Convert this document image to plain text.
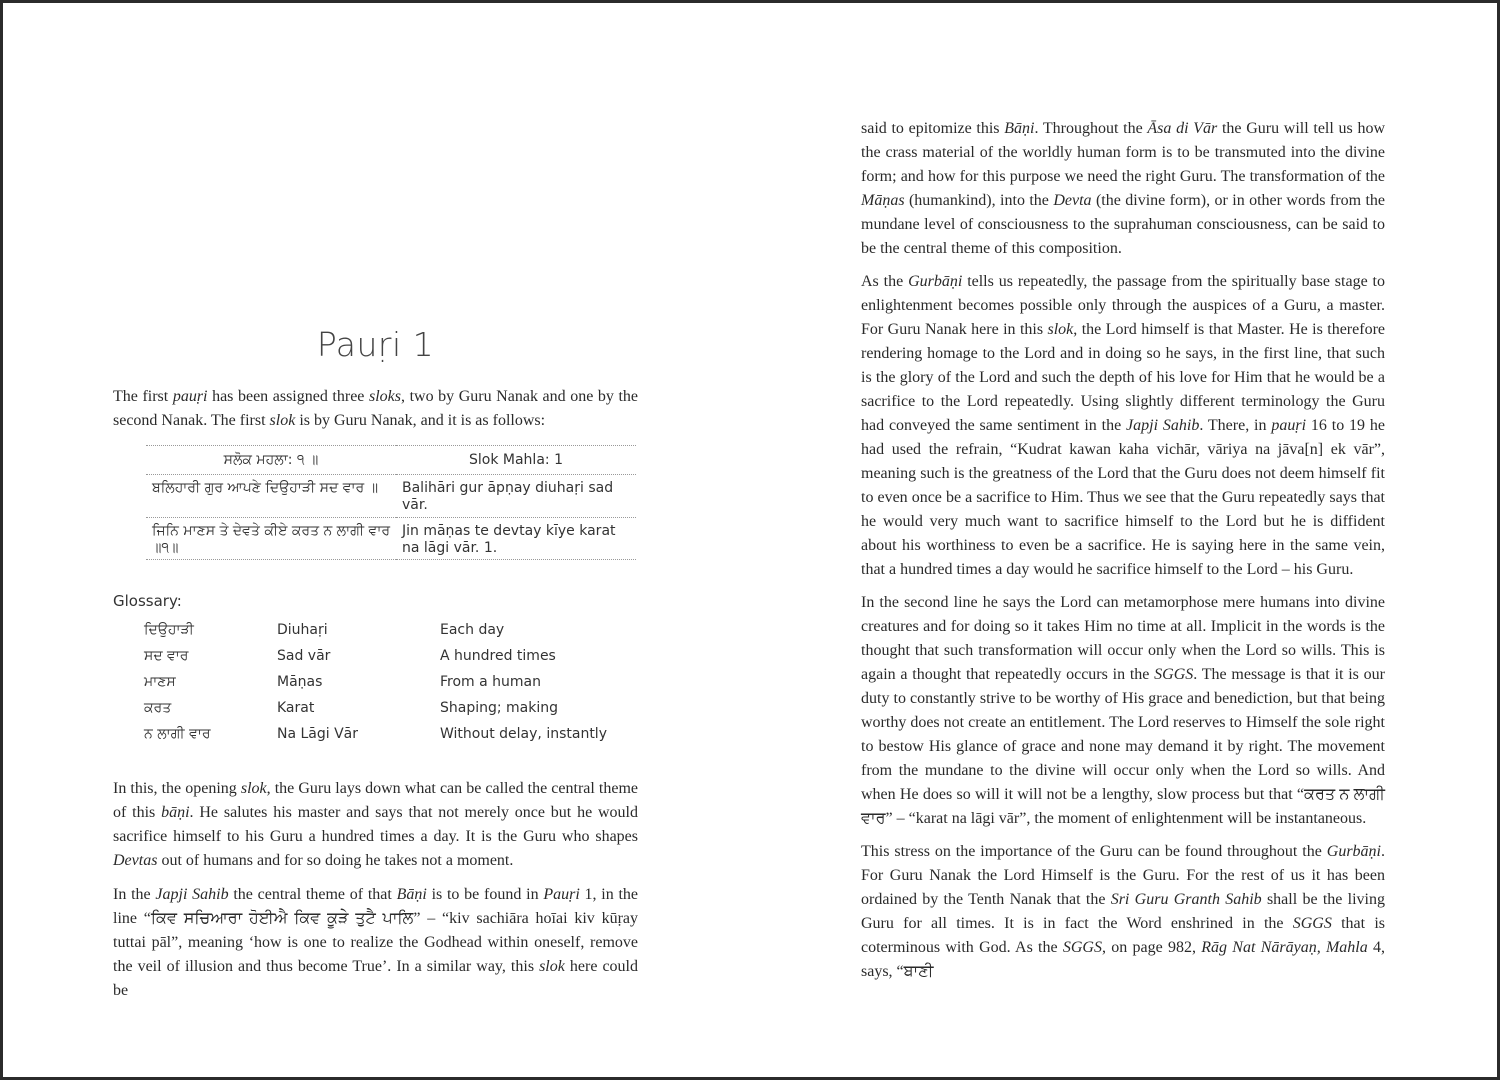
Pauṛi 1

The first pauṛi has been assigned three sloks, two by Guru Nanak and one by the second Nanak. The first slok is by Guru Nanak, and it is as follows:

ਸਲੋਕ ਮਹਲਾ: ੧ ॥	Slok Mahla: 1
ਬਲਿਹਾਰੀ ਗੁਰ ਆਪਣੇ ਦਿਉਹਾੜੀ ਸਦ ਵਾਰ ॥	Balihāri gur āpṇay diuhaṛi sad vār.
ਜਿਨਿ ਮਾਣਸ ਤੇ ਦੇਵਤੇ ਕੀਏ ਕਰਤ ਨ ਲਾਗੀ ਵਾਰ ॥੧॥	Jin māṇas te devtay kīye karat na lāgi vār. 1.
Glossary:
ਦਿਉਹਾੜੀ	Diuhaṛi	Each day
ਸਦ ਵਾਰ	Sad vār	A hundred times
ਮਾਣਸ	Māṇas	From a human
ਕਰਤ	Karat	Shaping; making
ਨ ਲਾਗੀ ਵਾਰ	Na Lāgi Vār	Without delay, instantly

In this, the opening slok, the Guru lays down what can be called the central theme of this bāṇi. He salutes his master and says that not merely once but he would sacrifice himself to his Guru a hundred times a day. It is the Guru who shapes Devtas out of humans and for so doing he takes not a moment.

In the Japji Sahib the central theme of that Bāṇi is to be found in Pauṛi 1, in the line “ਕਿਵ ਸਚਿਆਰਾ ਹੋਈਐ ਕਿਵ ਕੂੜੇ ਤੁਟੈ ਪਾਲਿ” – “kiv sachiāra hoīai kiv kūṛay tuttai pāl”, meaning ‘how is one to realize the Godhead within oneself, remove the veil of illusion and thus become True’. In a similar way, this slok here could be

said to epitomize this Bāṇi. Throughout the Āsa di Vār the Guru will tell us how the crass material of the worldly human form is to be transmuted into the divine form; and how for this purpose we need the right Guru. The transformation of the Māṇas (humankind), into the Devta (the divine form), or in other words from the mundane level of consciousness to the suprahuman consciousness, can be said to be the central theme of this composition.

As the Gurbāṇi tells us repeatedly, the passage from the spiritually base stage to enlightenment becomes possible only through the auspices of a Guru, a master. For Guru Nanak here in this slok, the Lord himself is that Master. He is therefore rendering homage to the Lord and in doing so he says, in the first line, that such is the glory of the Lord and such the depth of his love for Him that he would be a sacrifice to the Lord repeatedly. Using slightly different terminology the Guru had conveyed the same sentiment in the Japji Sahib. There, in pauṛi 16 to 19 he had used the refrain, “Kudrat kawan kaha vichār, vāriya na jāva[n] ek vār”, meaning such is the greatness of the Lord that the Guru does not deem himself fit to even once be a sacrifice to Him. Thus we see that the Guru repeatedly says that he would very much want to sacrifice himself to the Lord but he is diffident about his worthiness to even be a sacrifice. He is saying here in the same vein, that a hundred times a day would he sacrifice himself to the Lord – his Guru.

In the second line he says the Lord can metamorphose mere humans into divine creatures and for doing so it takes Him no time at all. Implicit in the words is the thought that such transformation will occur only when the Lord so wills. This is again a thought that repeatedly occurs in the SGGS. The message is that it is our duty to constantly strive to be worthy of His grace and benediction, but that being worthy does not create an entitlement. The Lord reserves to Himself the sole right to bestow His glance of grace and none may demand it by right. The movement from the mundane to the divine will occur only when the Lord so wills. And when He does so will it will not be a lengthy, slow process but that “ਕਰਤ ਨ ਲਾਗੀ ਵਾਰ” – “karat na lāgi vār”, the moment of enlightenment will be instantaneous.

This stress on the importance of the Guru can be found throughout the Gurbāṇi. For Guru Nanak the Lord Himself is the Guru. For the rest of us it has been ordained by the Tenth Nanak that the Sri Guru Granth Sahib shall be the living Guru for all times. It is in fact the Word enshrined in the SGGS that is coterminous with God. As the SGGS, on page 982, Rāg Nat Nārāyaṇ, Mahla 4, says, “ਬਾਣੀ
